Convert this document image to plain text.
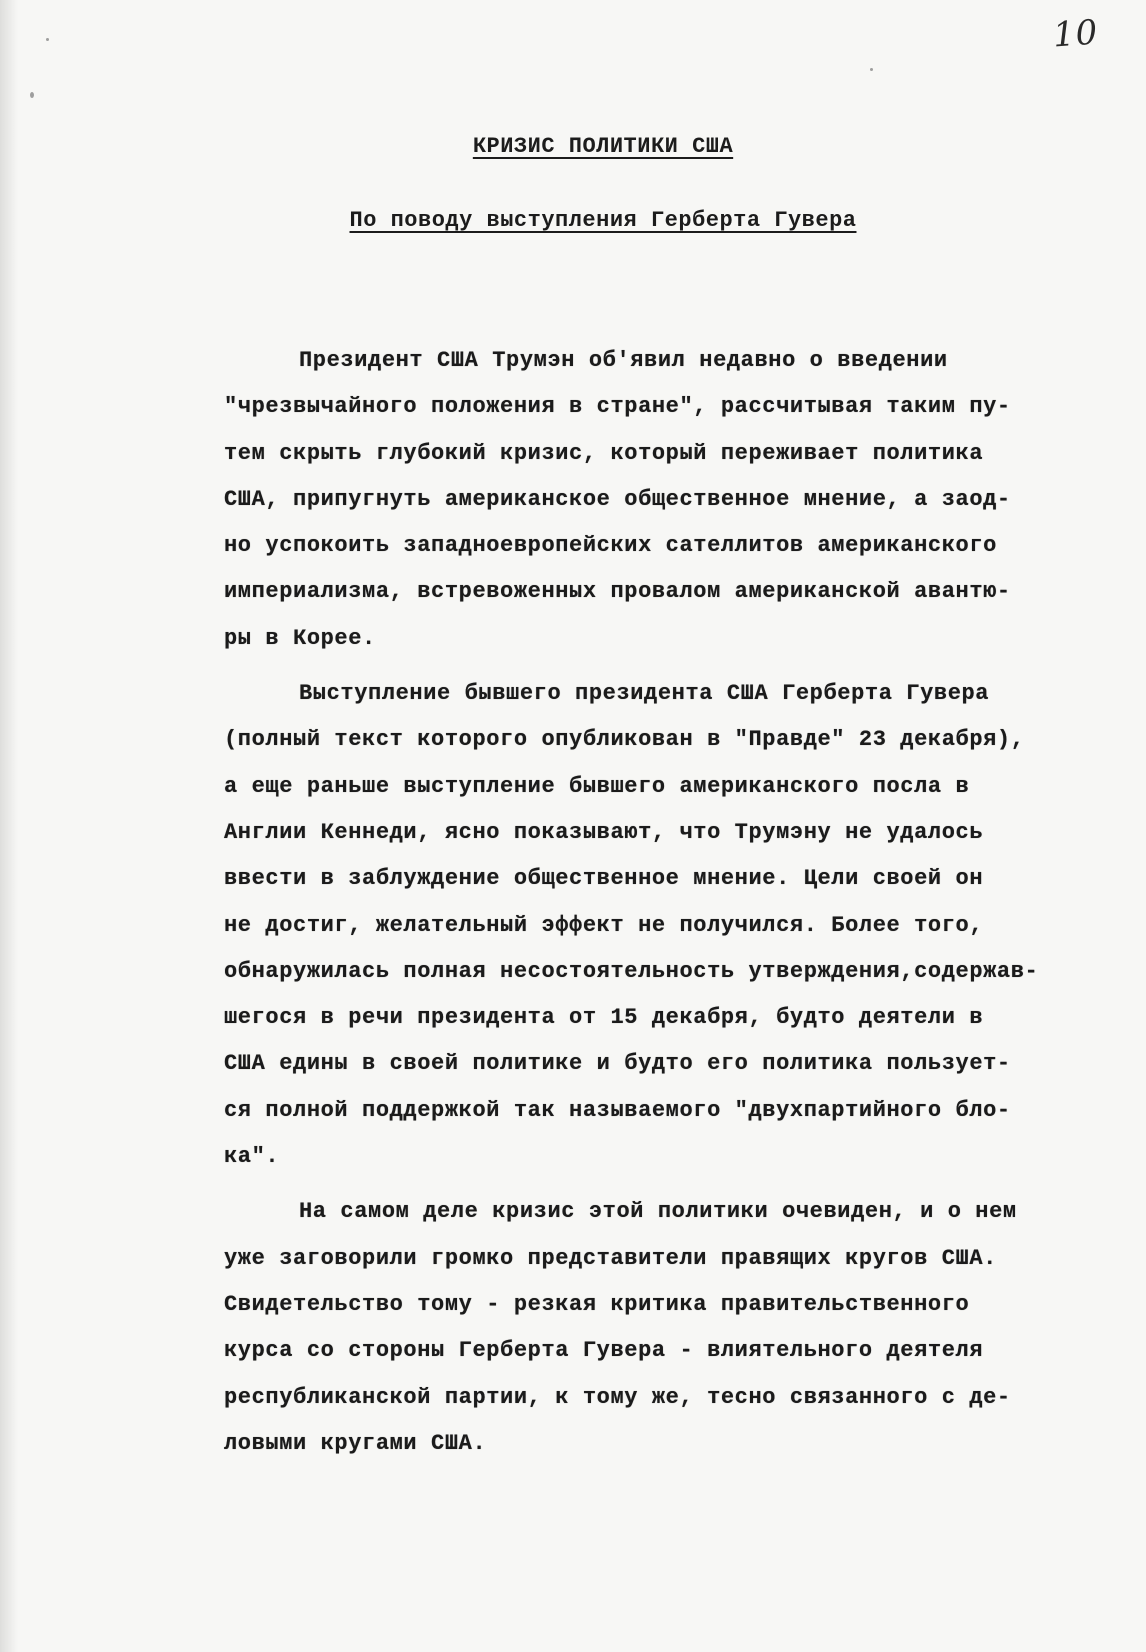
10
КРИЗИС ПОЛИТИКИ США
По поводу выступления Герберта Гувера
Президент США Трумэн об'явил недавно о введении
"чрезвычайного положения в стране", рассчитывая таким пу-
тем скрыть глубокий кризис, который переживает политика
США, припугнуть американское общественное мнение, а заод-
но успокоить западноевропейских сателлитов американского
империализма, встревоженных провалом американской авантю-
ры в Корее.
Выступление бывшего президента США Герберта Гувера
(полный текст которого опубликован в "Правде" 23 декабря),
а еще раньше выступление бывшего американского посла в
Англии Кеннеди, ясно показывают, что Трумэну не удалось
ввести в заблуждение общественное мнение. Цели своей он
не достиг, желательный эффект не получился. Более того,
обнаружилась полная несостоятельность утверждения,содержав-
шегося в речи президента от 15 декабря, будто деятели в
США едины в своей политике и будто его политика пользует-
ся полной поддержкой так называемого "двухпартийного бло-
ка".
На самом деле кризис этой политики очевиден, и о нем
уже заговорили громко представители правящих кругов США.
Свидетельство тому - резкая критика правительственного
курса со стороны Герберта Гувера - влиятельного деятеля
республиканской партии, к тому же, тесно связанного с де-
ловыми кругами США.
